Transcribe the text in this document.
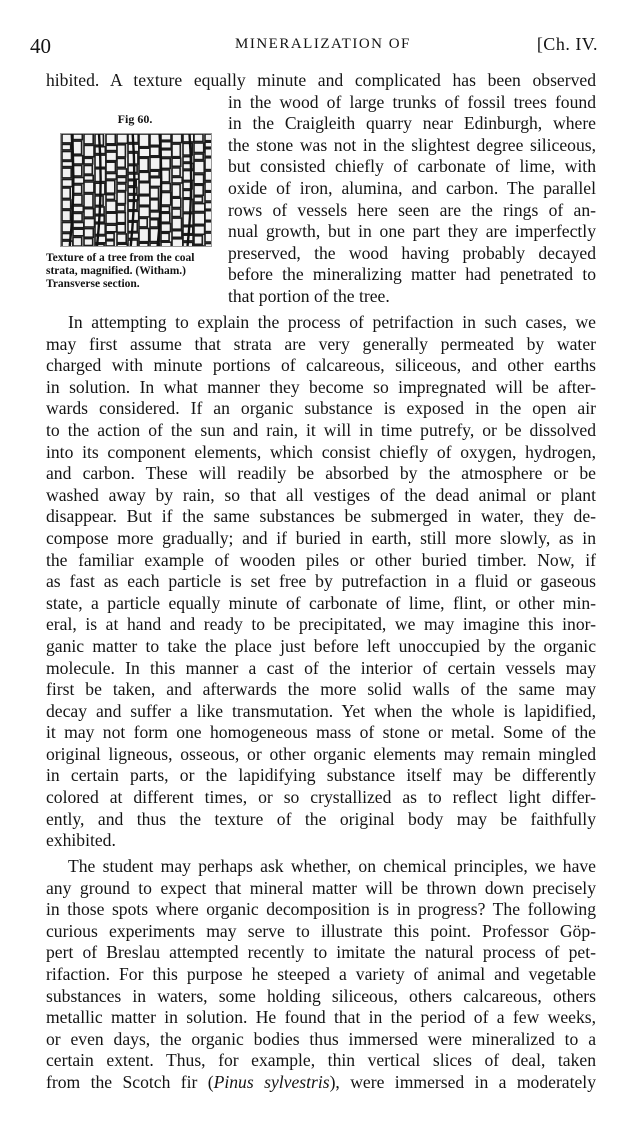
40	MINERALIZATION OF	[Ch. IV.
Fig 60.
Texture of a tree from the coal strata, magnified. (Witham.) Transverse section.
hibited. A texture equally minute and complicated has been observed
in the wood of large trunks of fossil trees found
in the Craigleith quarry near Edinburgh, where
the stone was not in the slightest degree siliceous,
but consisted chiefly of carbonate of lime, with
oxide of iron, alumina, and carbon. The parallel
rows of vessels here seen are the rings of an-
nual growth, but in one part they are imperfectly
preserved, the wood having probably decayed
before the mineralizing matter had penetrated to
that portion of the tree.
In attempting to explain the process of petrifaction in such cases, we
may first assume that strata are very generally permeated by water
charged with minute portions of calcareous, siliceous, and other earths
in solution. In what manner they become so impregnated will be after-
wards considered. If an organic substance is exposed in the open air
to the action of the sun and rain, it will in time putrefy, or be dissolved
into its component elements, which consist chiefly of oxygen, hydrogen,
and carbon. These will readily be absorbed by the atmosphere or be
washed away by rain, so that all vestiges of the dead animal or plant
disappear. But if the same substances be submerged in water, they de-
compose more gradually; and if buried in earth, still more slowly, as in
the familiar example of wooden piles or other buried timber. Now, if
as fast as each particle is set free by putrefaction in a fluid or gaseous
state, a particle equally minute of carbonate of lime, flint, or other min-
eral, is at hand and ready to be precipitated, we may imagine this inor-
ganic matter to take the place just before left unoccupied by the organic
molecule. In this manner a cast of the interior of certain vessels may
first be taken, and afterwards the more solid walls of the same may
decay and suffer a like transmutation. Yet when the whole is lapidified,
it may not form one homogeneous mass of stone or metal. Some of the
original ligneous, osseous, or other organic elements may remain mingled
in certain parts, or the lapidifying substance itself may be differently
colored at different times, or so crystallized as to reflect light differ-
ently, and thus the texture of the original body may be faithfully
exhibited.
The student may perhaps ask whether, on chemical principles, we have
any ground to expect that mineral matter will be thrown down precisely
in those spots where organic decomposition is in progress? The following
curious experiments may serve to illustrate this point. Professor Göp-
pert of Breslau attempted recently to imitate the natural process of pet-
rifaction. For this purpose he steeped a variety of animal and vegetable
substances in waters, some holding siliceous, others calcareous, others
metallic matter in solution. He found that in the period of a few weeks,
or even days, the organic bodies thus immersed were mineralized to a
certain extent. Thus, for example, thin vertical slices of deal, taken
from the Scotch fir (Pinus sylvestris), were immersed in a moderately
